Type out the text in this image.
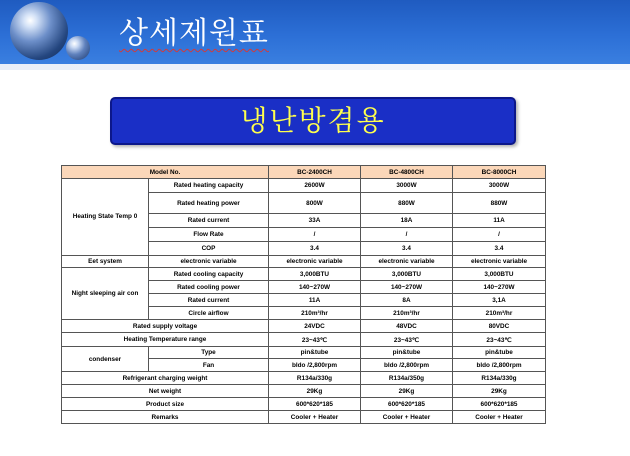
상세제원표
냉난방겸용
Model No.		BC-2400CH	BC-4800CH	BC-8000CH
Heating State Temp 0	Rated heating capacity	2600W	3000W	3000W
	Rated heating power	800W	880W	880W
	Rated current	33A	18A	11A
	Flow Rate	/	/	/
	COP	3.4	3.4	3.4
Eet system	electronic variable	electronic variable	electronic variable	electronic variable
Night sleeping air con	Rated cooling capacity	3,000BTU	3,000BTU	3,000BTU
	Rated cooling power	140~270W	140~270W	140~270W
	Rated current	11A	8A	3,1A
	Circle airflow	210m³/hr	210m³/hr	210m³/hr
Rated supply voltage		24VDC	48VDC	80VDC
Heating Temperature range		23~43℃	23~43℃	23~43℃
condenser	Type	pin&tube	pin&tube	pin&tube
	Fan	bldo /2,800rpm	bldo /2,800rpm	bldo /2,800rpm
Refrigerant charging weight		R134a/330g	R134a/350g	R134a/330g
Net weight		29Kg	29Kg	29Kg
Product size		600*620*185	600*620*185	600*620*185
Remarks		Cooler + Heater	Cooler + Heater	Cooler + Heater
